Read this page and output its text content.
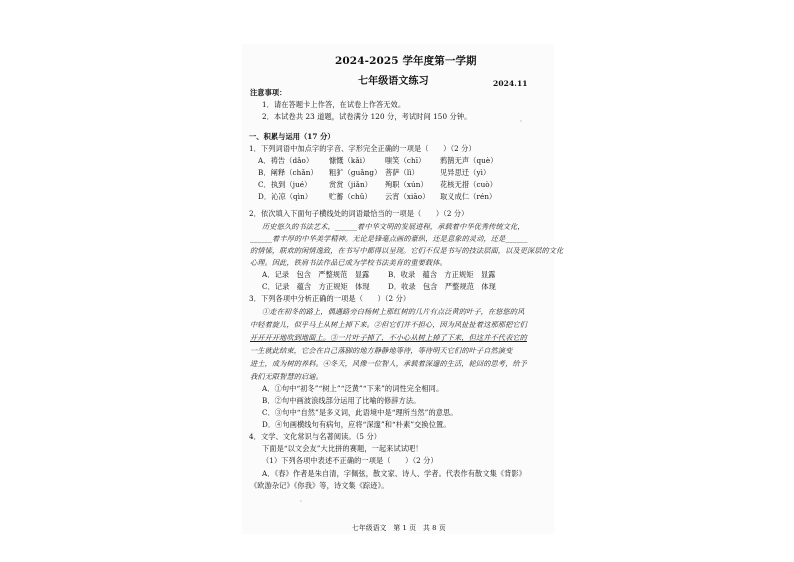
2024-2025 学年度第一学期
七年级语文练习	2024.11
注意事项：
1．请在答题卡上作答，在试卷上作答无效。
2．本试卷共 23 道题，试卷满分 120 分，考试时间 150 分钟。
一、积累与运用（17 分）
1．下列词语中加点字的字音、字形完全正确的一项是（　　）（2 分）
A．祷告（dǎo） 慷慨（kǎi） 嗤笑（chī） 鸦鹊无声（què）
B．阐释（chǎn） 粗犷（guǎng） 菩萨（lì）	见异思迁（yì）
C．执到（jué） 赏赏（jiǎn） 殉职（xún） 花核无措（cuò）
D．沁凉（qìn） 贮蓄（chǔ） 云宵（xiāo） 取义成仁（rén）
2．依次填入下面句子横线处的词语最恰当的一项是（　　）（2 分）
历史悠久的书法艺术，______着中华文明的发展进程，承载着中华优秀传统文化，
______着丰厚的中华美学精神。无论是锋毫点画的豪纵，还是意象的灵动，还是______
的情愫，联欢的闲情逸致，在书写中都得以呈现。它们不仅是书写的技法层面，以及更深层的文化
心理。因此，铁肩书法作品已成为学校书法美育的重要载体。
A．记录　包含　严整规范　显露	B．收录　蕴含　方正规矩　显露
C．记录　蕴含　方正规矩　体现	D．收录　包含　严整规范　体现
3．下列各项中分析正确的一项是（　　）（2 分）
①走在初冬的路上，偶遇路旁白杨树上那红树的几片有点泛黄的叶子，在悠悠的风
中轻着旋儿，似乎马上从树上掉下来。②但它们并不担心，因为风扯扯着这那那把它们
开开开开地吹到地面上。③一片叶子掉了，不小心从树上掉了下来，但这并不代表它的
一生就此结束，它会在自己落脚的地方静静地等待，等待明天它们的叶子自然演变
进土，成为树的养料。④冬天，风像一位智人，承载着深邃的生活，轮回的思考，给予
我们无限智慧的启迪。
A．①句中“初冬”“树上”“泛黄”“下来”的词性完全相同。
B．②句中画波浪线部分运用了比喻的修辞方法。
C．③句中“自然”是多义词，此语境中是“理所当然”的意思。
D．④句画横线句有病句，应将“深邃”和“朴素”交换位置。
4．文学、文化常识与名著阅读。（5 分）
下面是“以文会友”大比拼的赛题，一起来试试吧！
（1）下列各项中表述不正确的一项是（　　）（2 分）
A．《春》作者是朱自清，字佩弦，散文家、诗人、学者。代表作有散文集《背影》
《欧游杂记》《你我》等，诗文集《踪迹》。
七年级语文　第 1 页　共 8 页
